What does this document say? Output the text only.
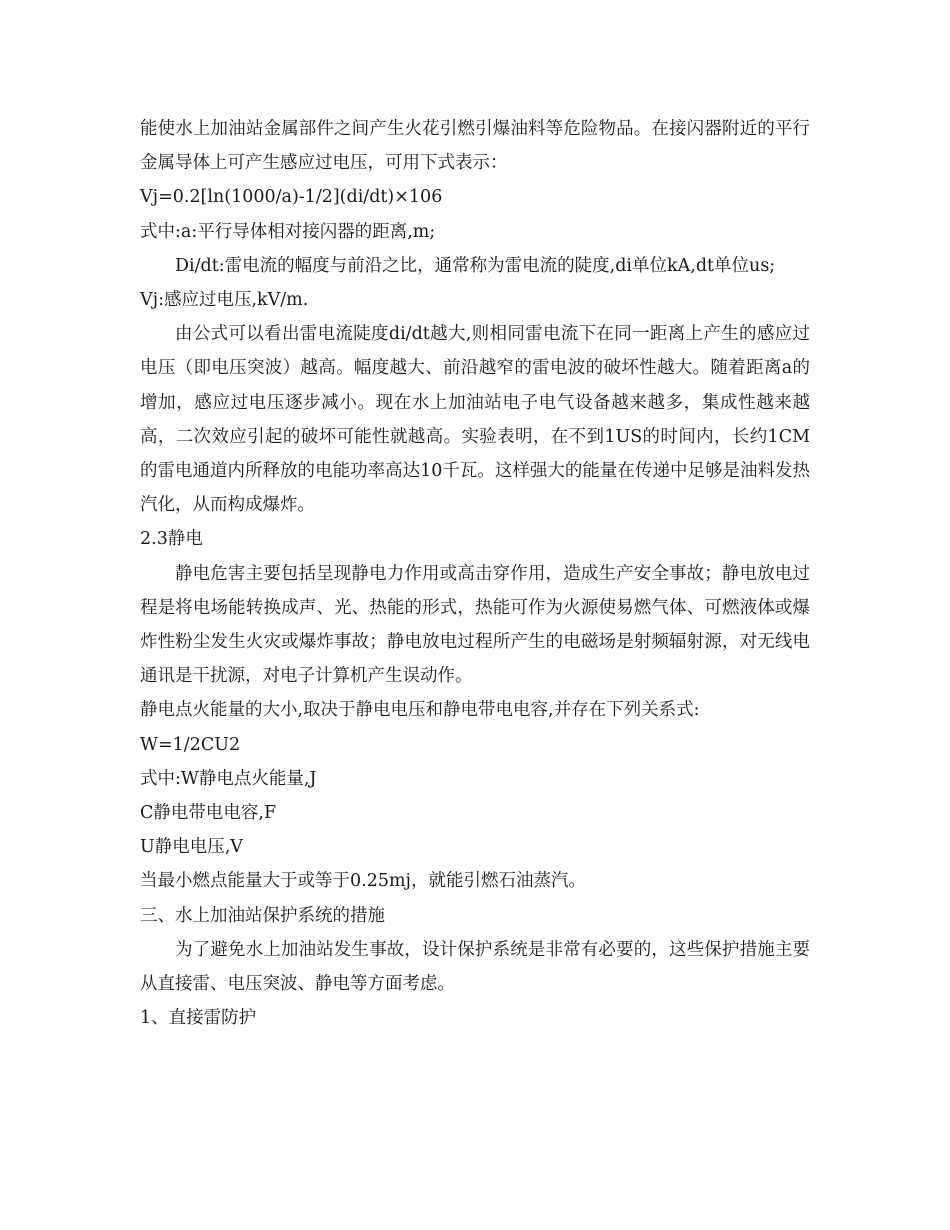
能使水上加油站金属部件之间产生火花引燃引爆油料等危险物品。在接闪器附近的平行金属导体上可产生感应过电压，可用下式表示：

Vj=0.2[ln(1000/a)-1/2](di/dt)×106

式中:a:平行导体相对接闪器的距离,m;

Di/dt:雷电流的幅度与前沿之比，通常称为雷电流的陡度,di单位kA,dt单位us;

Vj:感应过电压,kV/m.

由公式可以看出雷电流陡度di/dt越大,则相同雷电流下在同一距离上产生的感应过电压（即电压突波）越高。幅度越大、前沿越窄的雷电波的破坏性越大。随着距离a的增加，感应过电压逐步减小。现在水上加油站电子电气设备越来越多，集成性越来越高，二次效应引起的破坏可能性就越高。实验表明，在不到1US的时间内，长约1CM的雷电通道内所释放的电能功率高达10千瓦。这样强大的能量在传递中足够是油料发热汽化，从而构成爆炸。

2.3静电

静电危害主要包括呈现静电力作用或高击穿作用，造成生产安全事故；静电放电过程是将电场能转换成声、光、热能的形式，热能可作为火源使易燃气体、可燃液体或爆炸性粉尘发生火灾或爆炸事故；静电放电过程所产生的电磁场是射频辐射源，对无线电通讯是干扰源，对电子计算机产生误动作。

静电点火能量的大小,取决于静电电压和静电带电电容,并存在下列关系式:

W=1/2CU2

式中:W静电点火能量,J

C静电带电电容,F

U静电电压,V

当最小燃点能量大于或等于0.25mj，就能引燃石油蒸汽。

三、水上加油站保护系统的措施

为了避免水上加油站发生事故，设计保护系统是非常有必要的，这些保护措施主要从直接雷、电压突波、静电等方面考虑。

1、直接雷防护
